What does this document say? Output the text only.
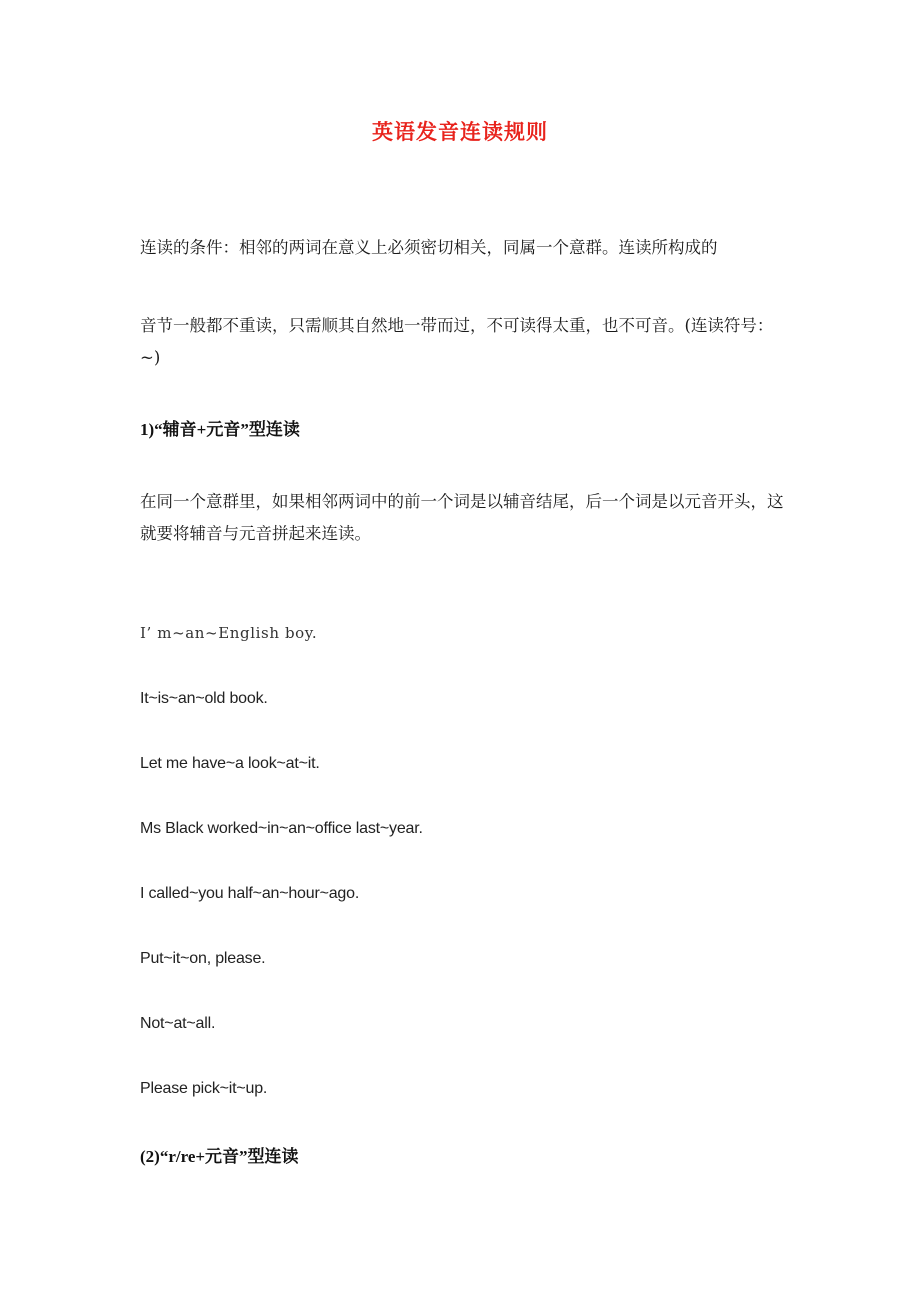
英语发音连读规则
连读的条件：相邻的两词在意义上必须密切相关，同属一个意群。连读所构成的
音节一般都不重读，只需顺其自然地一带而过，不可读得太重，也不可音。(连读符号：~)
1)“辅音+元音”型连读
在同一个意群里，如果相邻两词中的前一个词是以辅音结尾，后一个词是以元音开头，这就要将辅音与元音拼起来连读。
I’ m~an~English boy.
It~is~an~old book.
Let me have~a look~at~it.
Ms Black worked~in~an~office last~year.
I called~you half~an~hour~ago.
Put~it~on, please.
Not~at~all.
Please pick~it~up.
(2)“r/re+元音”型连读
